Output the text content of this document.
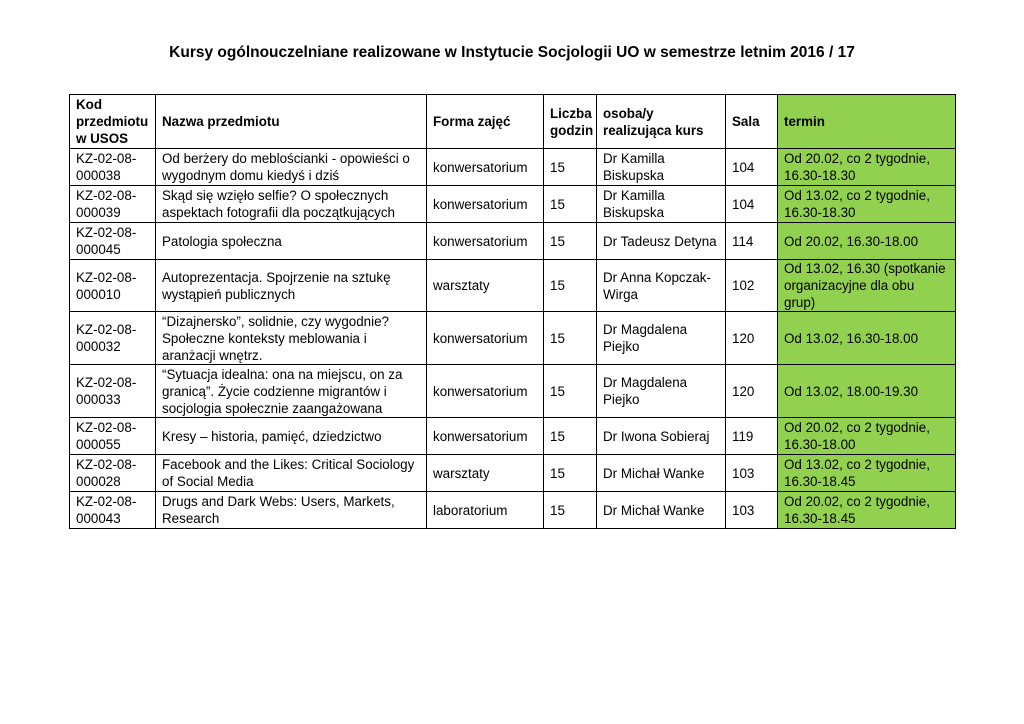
Kursy ogólnouczelniane realizowane w Instytucie Socjologii UO w semestrze letnim 2016 / 17
Kod przedmiotu w USOS	Nazwa przedmiotu	Forma zajęć	Liczba godzin	osoba/y realizująca kurs	Sala	termin
KZ-02-08-000038	Od berżery do meblościanki - opowieści o wygodnym domu kiedyś i dziś	konwersatorium	15	Dr Kamilla Biskupska	104	Od 20.02, co 2 tygodnie, 16.30-18.30
KZ-02-08-000039	Skąd się wzięło selfie? O społecznych aspektach fotografii dla początkujących	konwersatorium	15	Dr Kamilla Biskupska	104	Od 13.02, co 2 tygodnie, 16.30-18.30
KZ-02-08-000045	Patologia społeczna	konwersatorium	15	Dr Tadeusz Detyna	114	Od 20.02, 16.30-18.00
KZ-02-08-000010	Autoprezentacja. Spojrzenie na sztukę wystąpień publicznych	warsztaty	15	Dr Anna Kopczak-Wirga	102	Od 13.02, 16.30 (spotkanie organizacyjne dla obu grup)
KZ-02-08-000032	“Dizajnersko”, solidnie, czy wygodnie? Społeczne konteksty meblowania i aranżacji wnętrz.	konwersatorium	15	Dr Magdalena Piejko	120	Od 13.02, 16.30-18.00
KZ-02-08-000033	“Sytuacja idealna: ona na miejscu, on za granicą”. Życie codzienne migrantów i socjologia społecznie zaangażowana	konwersatorium	15	Dr Magdalena Piejko	120	Od 13.02, 18.00-19.30
KZ-02-08-000055	Kresy – historia, pamięć, dziedzictwo	konwersatorium	15	Dr Iwona Sobieraj	119	Od 20.02, co 2 tygodnie, 16.30-18.00
KZ-02-08-000028	Facebook and the Likes: Critical Sociology of Social Media	warsztaty	15	Dr Michał Wanke	103	Od 13.02, co 2 tygodnie, 16.30-18.45
KZ-02-08-000043	Drugs and Dark Webs: Users, Markets, Research	laboratorium	15	Dr Michał Wanke	103	Od 20.02, co 2 tygodnie, 16.30-18.45
